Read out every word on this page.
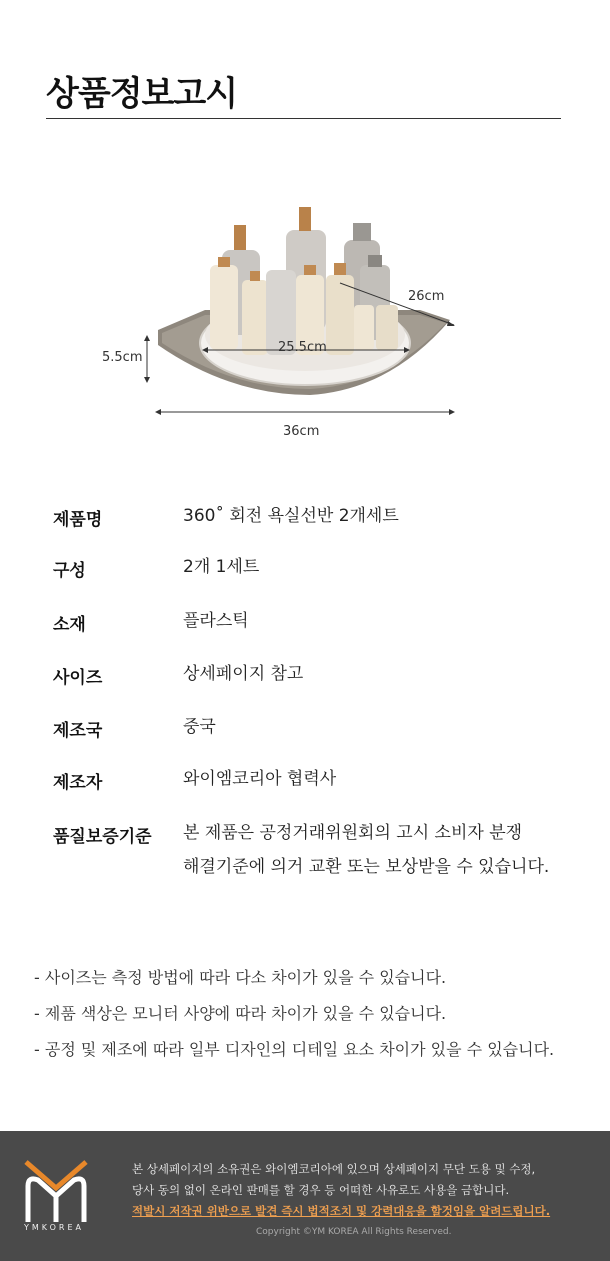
상품정보고시
5.5cm
25.5cm
26cm
36cm
제품명	360˚ 회전 욕실선반 2개세트
구성	2개 1세트
소재	플라스틱
사이즈	상세페이지 참고
제조국	중국
제조자	와이엠코리아 협력사
품질보증기준 본 제품은 공정거래위원회의 고시 소비자 분쟁
해결기준에 의거 교환 또는 보상받을 수 있습니다.
- 사이즈는 측정 방법에 따라 다소 차이가 있을 수 있습니다.
- 제품 색상은 모니터 사양에 따라 차이가 있을 수 있습니다.
- 공정 및 제조에 따라 일부 디자인의 디테일 요소 차이가 있을 수 있습니다.
YMKOREA
본 상세페이지의 소유권은 와이엠코리아에 있으며 상세페이지 무단 도용 및 수정,
당사 동의 없이 온라인 판매를 할 경우 등 어떠한 사유로도 사용을 금합니다.
적발시 저작권 위반으로 발견 즉시 법적조치 및 강력대응을 할것임을 알려드립니다.
Copyright ©YM KOREA All Rights Reserved.
